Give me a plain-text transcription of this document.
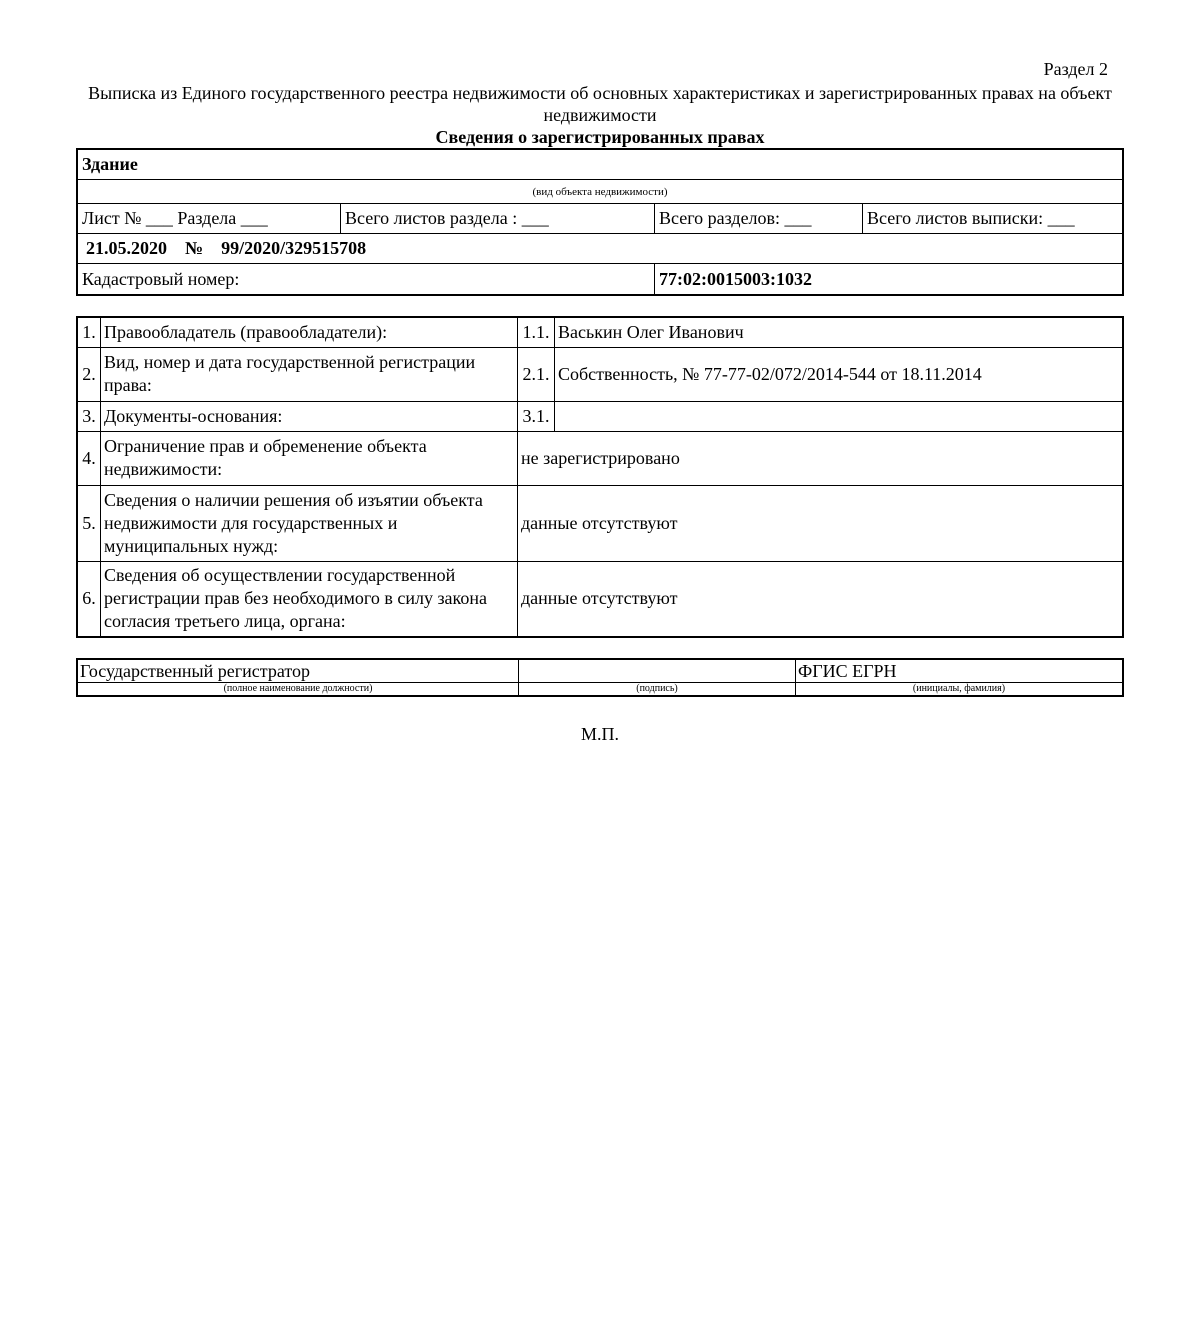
Раздел 2
Выписка из Единого государственного реестра недвижимости об основных характеристиках и зарегистрированных правах на объект недвижимости
Сведения о зарегистрированных правах
Здание
(вид объекта недвижимости)
Лист № ___ Раздела ___	Всего листов раздела : ___	Всего разделов: ___	Всего листов выписки: ___
21.05.2020 № 99/2020/329515708
Кадастровый номер:	77:02:0015003:1032
1.	Правообладатель (правообладатели):	1.1.	Васькин Олег Иванович
2.	Вид, номер и дата государственной регистрации права:	2.1.	Собственность, № 77-77-02/072/2014-544 от 18.11.2014
3.	Документы-основания:	3.1.	
4.	Ограничение прав и обременение объекта недвижимости:	не зарегистрировано	
5.	Сведения о наличии решения об изъятии объекта недвижимости для государственных и муниципальных нужд:	данные отсутствуют	
6.	Сведения об осуществлении государственной регистрации прав без необходимого в силу закона согласия третьего лица, органа:	данные отсутствуют	
Государственный регистратор		ФГИС ЕГРН
(полное наименование должности)	(подпись)	(инициалы, фамилия)
М.П.
